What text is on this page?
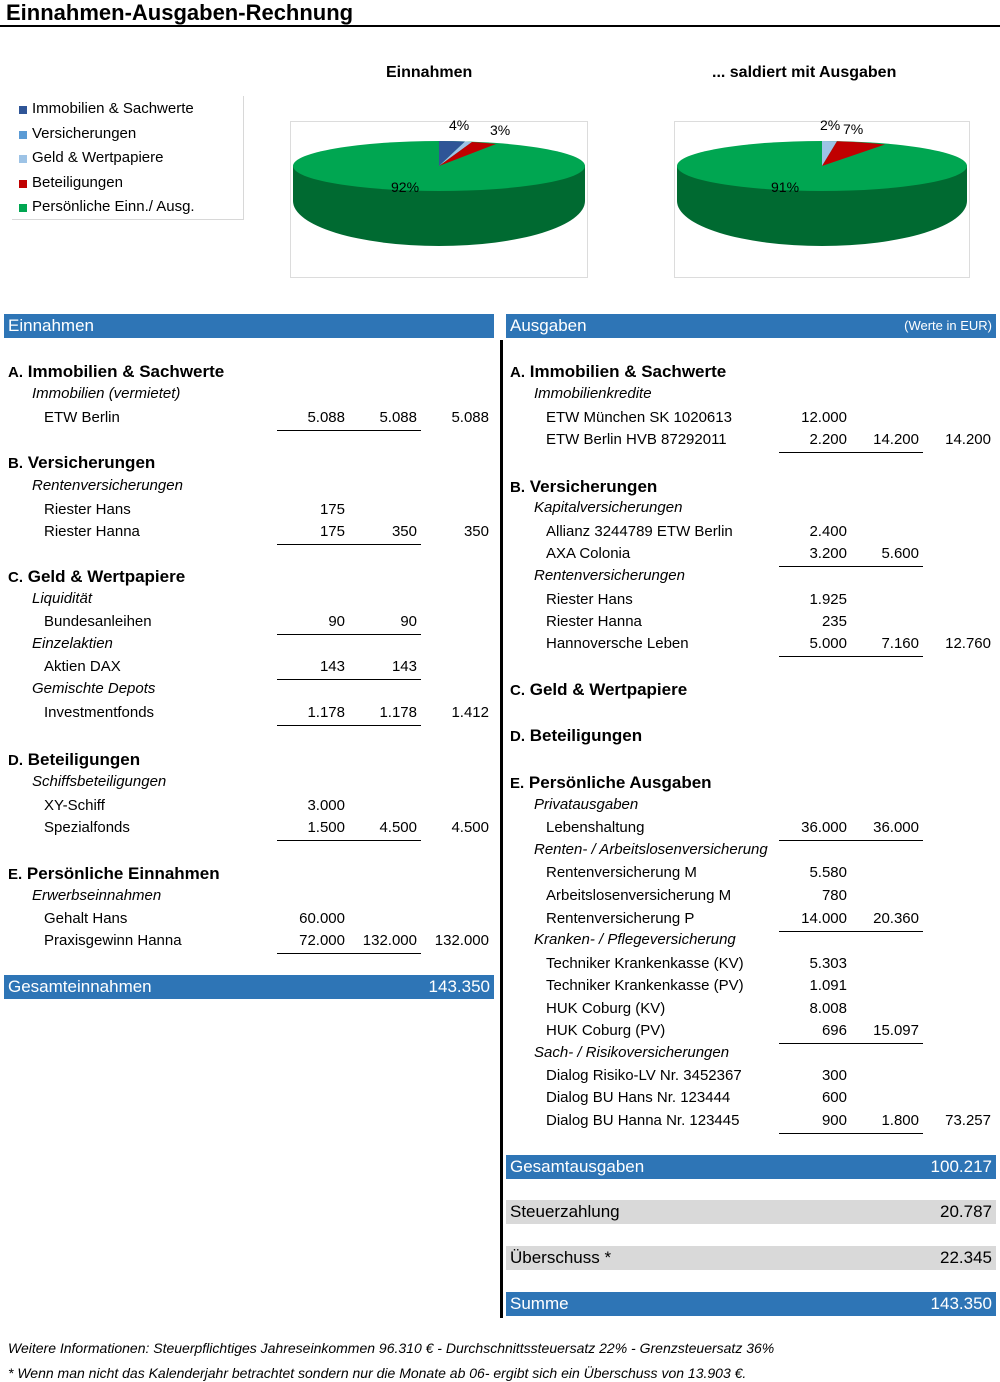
Einnahmen-Ausgaben-Rechnung
Immobilien & Sachwerte
Versicherungen
Geld & Wertpapiere
Beteiligungen
Persönliche Einn./ Ausg.
Einnahmen
4% 3%
92%
... saldiert mit Ausgaben
2% 7%
91%
Einnahmen	Ausgaben	(Werte in EUR)
A. Immobilien & Sachwerte
Immobilien (vermietet)
ETW Berlin	5.088	5.088	5.088
B. Versicherungen
Rentenversicherungen
Riester Hans	175
Riester Hanna	175	350	350
C. Geld & Wertpapiere
Liquidität
Bundesanleihen	90	90
Einzelaktien
Aktien DAX	143	143
Gemischte Depots
Investmentfonds	1.178	1.178	1.412
D. Beteiligungen
Schiffsbeteiligungen
XY-Schiff	3.000
Spezialfonds	1.500	4.500	4.500
E. Persönliche Einnahmen
Erwerbseinnahmen
Gehalt Hans	60.000
Praxisgewinn Hanna	72.000	132.000	132.000
Gesamteinnahmen	143.350
A. Immobilien & Sachwerte
Immobilienkredite
ETW München SK 1020613	12.000
ETW Berlin HVB 87292011	2.200	14.200	14.200
B. Versicherungen
Kapitalversicherungen
Allianz 3244789 ETW Berlin	2.400
AXA Colonia	3.200	5.600
Rentenversicherungen
Riester Hans	1.925
Riester Hanna	235
Hannoversche Leben	5.000	7.160	12.760
C. Geld & Wertpapiere
D. Beteiligungen
E. Persönliche Ausgaben
Privatausgaben
Lebenshaltung	36.000	36.000
Renten- / Arbeitslosenversicherung
Rentenversicherung M	5.580
Arbeitslosenversicherung M	780
Rentenversicherung P	14.000	20.360
Kranken- / Pflegeversicherung
Techniker Krankenkasse (KV)	5.303
Techniker Krankenkasse (PV)	1.091
HUK Coburg (KV)	8.008
HUK Coburg (PV)	696	15.097
Sach- / Risikoversicherungen
Dialog Risiko-LV Nr. 3452367	300
Dialog BU Hans Nr. 123444	600
Dialog BU Hanna Nr. 123445	900	1.800	73.257
Gesamtausgaben	100.217
Steuerzahlung	20.787
Überschuss *	22.345
Summe	143.350
Weitere Informationen: Steuerpflichtiges Jahreseinkommen 96.310 € - Durchschnittssteuersatz 22% - Grenzsteuersatz 36%
* Wenn man nicht das Kalenderjahr betrachtet sondern nur die Monate ab 06- ergibt sich ein Überschuss von 13.903 €.
